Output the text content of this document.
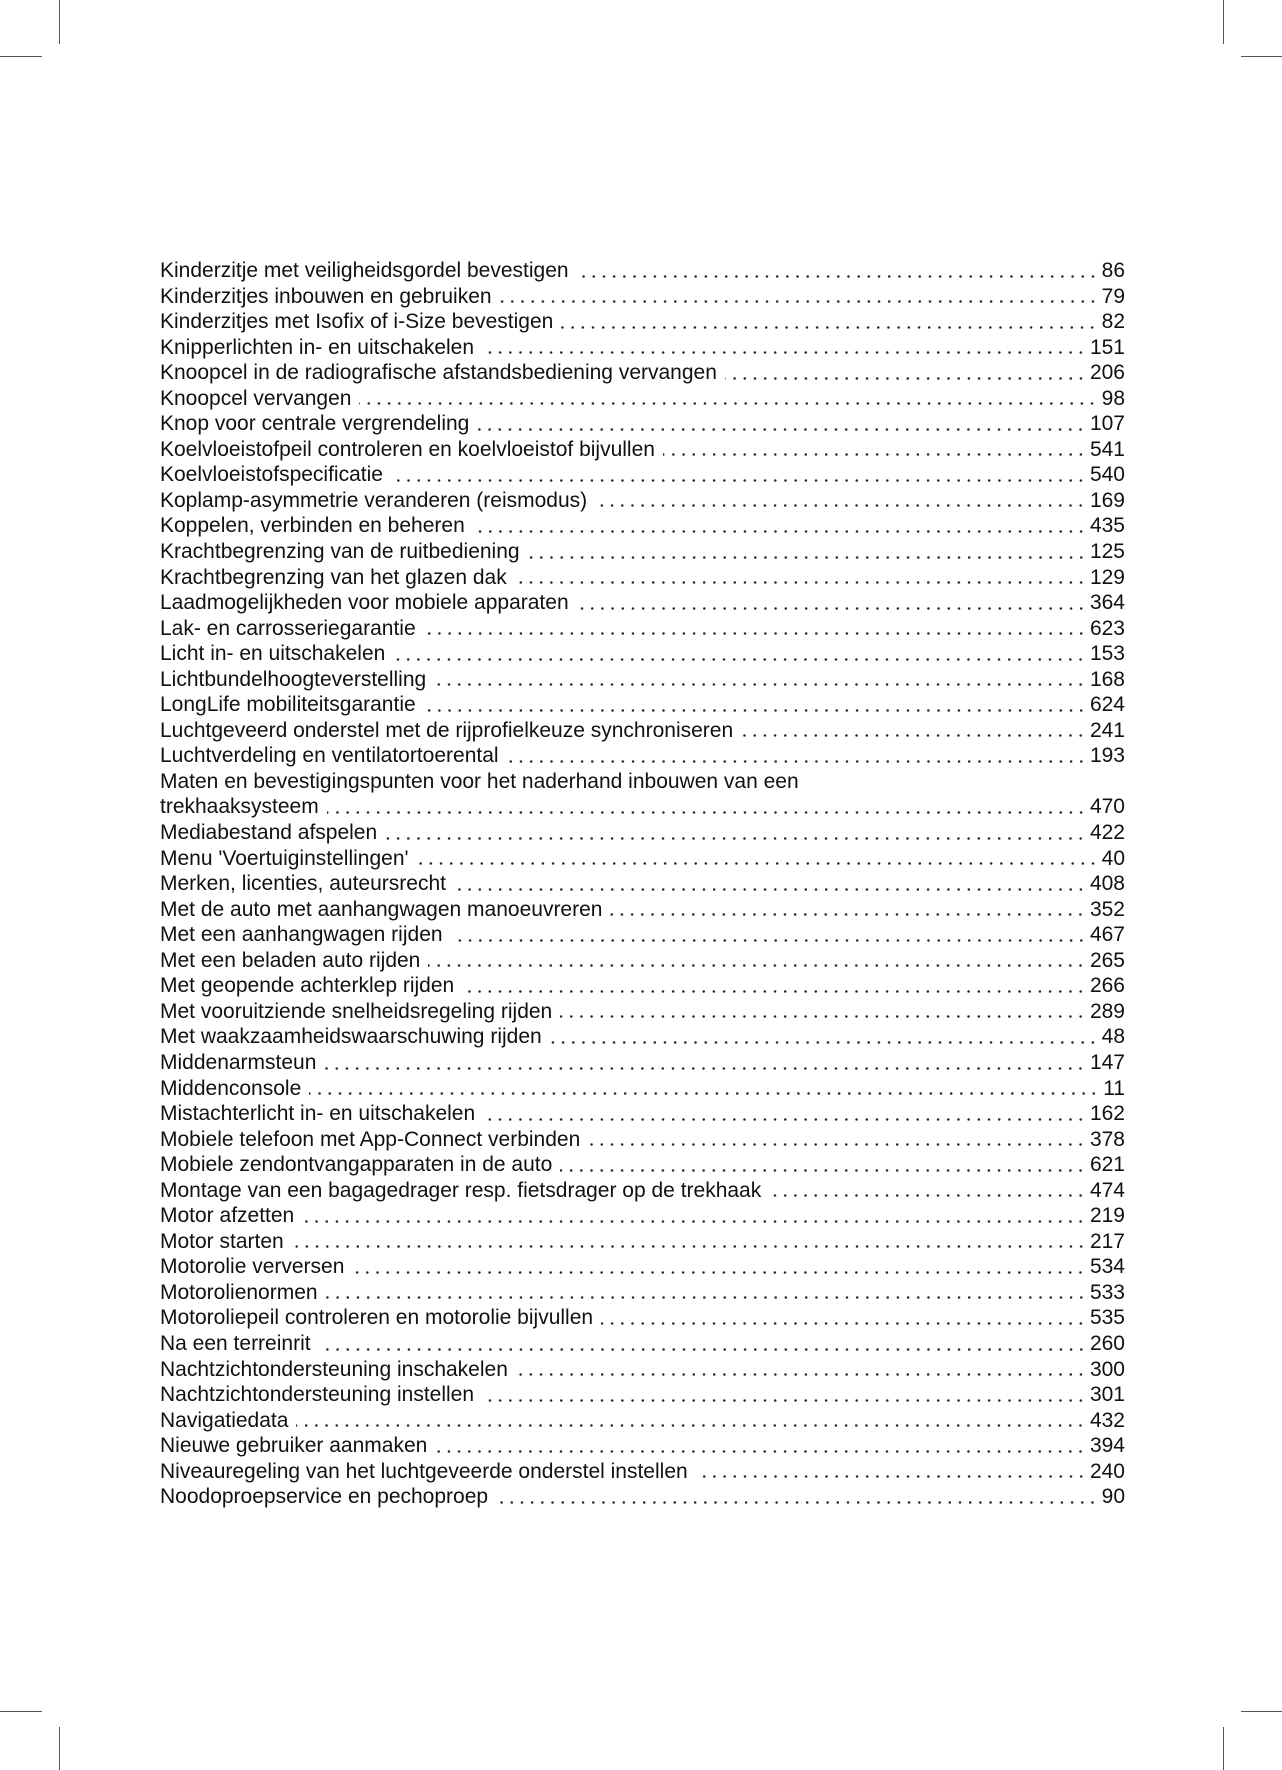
Kinderzitje met veiligheidsgordel bevestigen	86
Kinderzitjes inbouwen en gebruiken	79
Kinderzitjes met Isofix of i-Size bevestigen	82
Knipperlichten in- en uitschakelen	151
Knoopcel in de radiografische afstandsbediening vervangen	206
Knoopcel vervangen	98
Knop voor centrale vergrendeling	107
Koelvloeistofpeil controleren en koelvloeistof bijvullen	541
Koelvloeistofspecificatie	540
Koplamp-asymmetrie veranderen (reismodus)	169
Koppelen, verbinden en beheren	435
Krachtbegrenzing van de ruitbediening	125
Krachtbegrenzing van het glazen dak	129
Laadmogelijkheden voor mobiele apparaten	364
Lak- en carrosseriegarantie	623
Licht in- en uitschakelen	153
Lichtbundelhoogteverstelling	168
LongLife mobiliteitsgarantie	624
Luchtgeveerd onderstel met de rijprofielkeuze synchroniseren	241
Luchtverdeling en ventilatortoerental	193
Maten en bevestigingspunten voor het naderhand inbouwen van een
trekhaaksysteem	470
Mediabestand afspelen	422
Menu 'Voertuiginstellingen'	40
Merken, licenties, auteursrecht	408
Met de auto met aanhangwagen manoeuvreren	352
Met een aanhangwagen rijden	467
Met een beladen auto rijden	265
Met geopende achterklep rijden	266
Met vooruitziende snelheidsregeling rijden	289
Met waakzaamheidswaarschuwing rijden	48
Middenarmsteun	147
Middenconsole	11
Mistachterlicht in- en uitschakelen	162
Mobiele telefoon met App-Connect verbinden	378
Mobiele zendontvangapparaten in de auto	621
Montage van een bagagedrager resp. fietsdrager op de trekhaak	474
Motor afzetten	219
Motor starten	217
Motorolie verversen	534
Motorolienormen	533
Motoroliepeil controleren en motorolie bijvullen	535
Na een terreinrit	260
Nachtzichtondersteuning inschakelen	300
Nachtzichtondersteuning instellen	301
Navigatiedata	432
Nieuwe gebruiker aanmaken	394
Niveauregeling van het luchtgeveerde onderstel instellen	240
Noodoproepservice en pechoproep	90
